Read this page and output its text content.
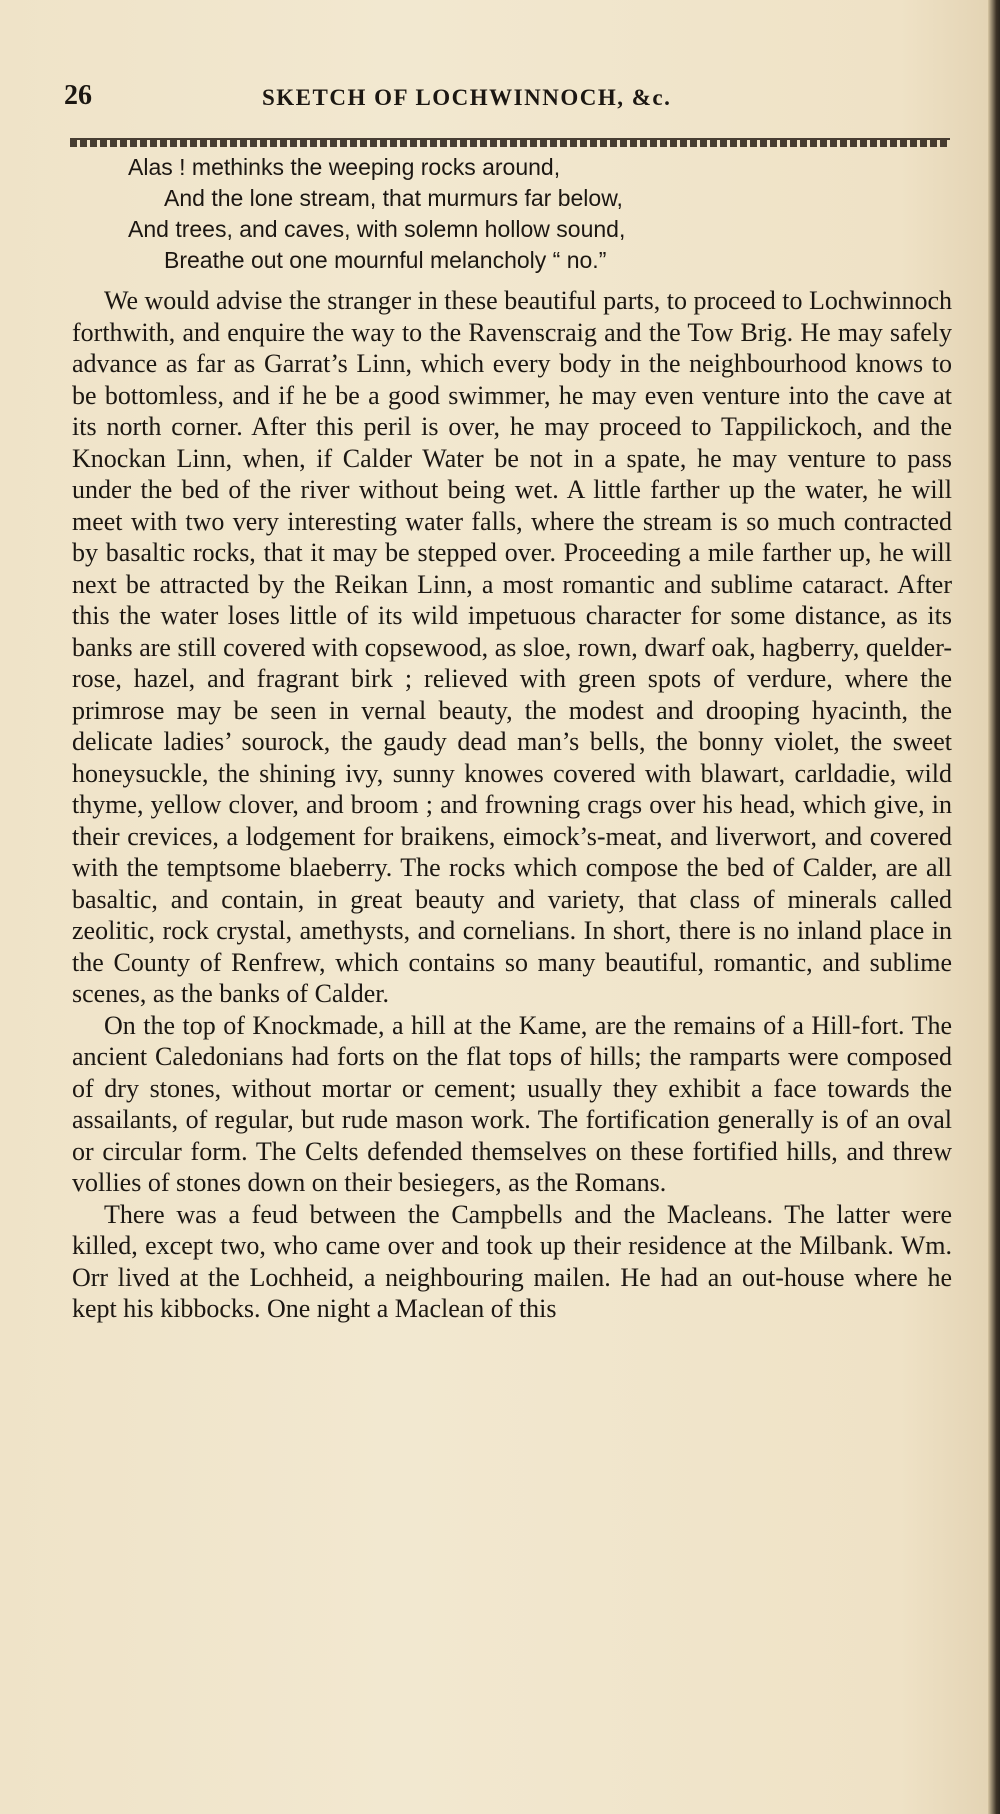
26	SKETCH OF LOCHWINNOCH, &c.
Alas ! methinks the weeping rocks around,
And the lone stream, that murmurs far below,
And trees, and caves, with solemn hollow sound,
Breathe out one mournful melancholy “ no.”

We would advise the stranger in these beautiful parts, to proceed to Lochwinnoch forthwith, and enquire the way to the Ravenscraig and the Tow Brig. He may safely advance as far as Garrat’s Linn, which every body in the neighbourhood knows to be bottomless, and if he be a good swimmer, he may even venture into the cave at its north corner. After this peril is over, he may proceed to Tappilickoch, and the Knockan Linn, when, if Calder Water be not in a spate, he may venture to pass under the bed of the river without being wet. A little farther up the water, he will meet with two very interesting water falls, where the stream is so much contracted by basaltic rocks, that it may be stepped over. Proceeding a mile farther up, he will next be attracted by the Reikan Linn, a most romantic and sublime cataract. After this the water loses little of its wild impetuous character for some distance, as its banks are still covered with copsewood, as sloe, rown, dwarf oak, hagberry, quelder-rose, hazel, and fragrant birk ; relieved with green spots of verdure, where the primrose may be seen in vernal beauty, the modest and drooping hyacinth, the delicate ladies’ sourock, the gaudy dead man’s bells, the bonny violet, the sweet honeysuckle, the shining ivy, sunny knowes covered with blawart, carldadie, wild thyme, yellow clover, and broom ; and frowning crags over his head, which give, in their crevices, a lodgement for braikens, eimock’s-meat, and liverwort, and covered with the temptsome blaeberry. The rocks which compose the bed of Calder, are all basaltic, and contain, in great beauty and variety, that class of minerals called zeolitic, rock crystal, amethysts, and cornelians. In short, there is no inland place in the County of Renfrew, which contains so many beautiful, romantic, and sublime scenes, as the banks of Calder.

On the top of Knockmade, a hill at the Kame, are the remains of a Hill-fort. The ancient Caledonians had forts on the flat tops of hills; the ramparts were composed of dry stones, without mortar or cement; usually they exhibit a face towards the assailants, of regular, but rude mason work. The fortification generally is of an oval or circular form. The Celts defended themselves on these fortified hills, and threw vollies of stones down on their besiegers, as the Romans.

There was a feud between the Campbells and the Macleans. The latter were killed, except two, who came over and took up their residence at the Milbank. Wm. Orr lived at the Lochheid, a neighbouring mailen. He had an out-house where he kept his kibbocks. One night a Maclean of this
